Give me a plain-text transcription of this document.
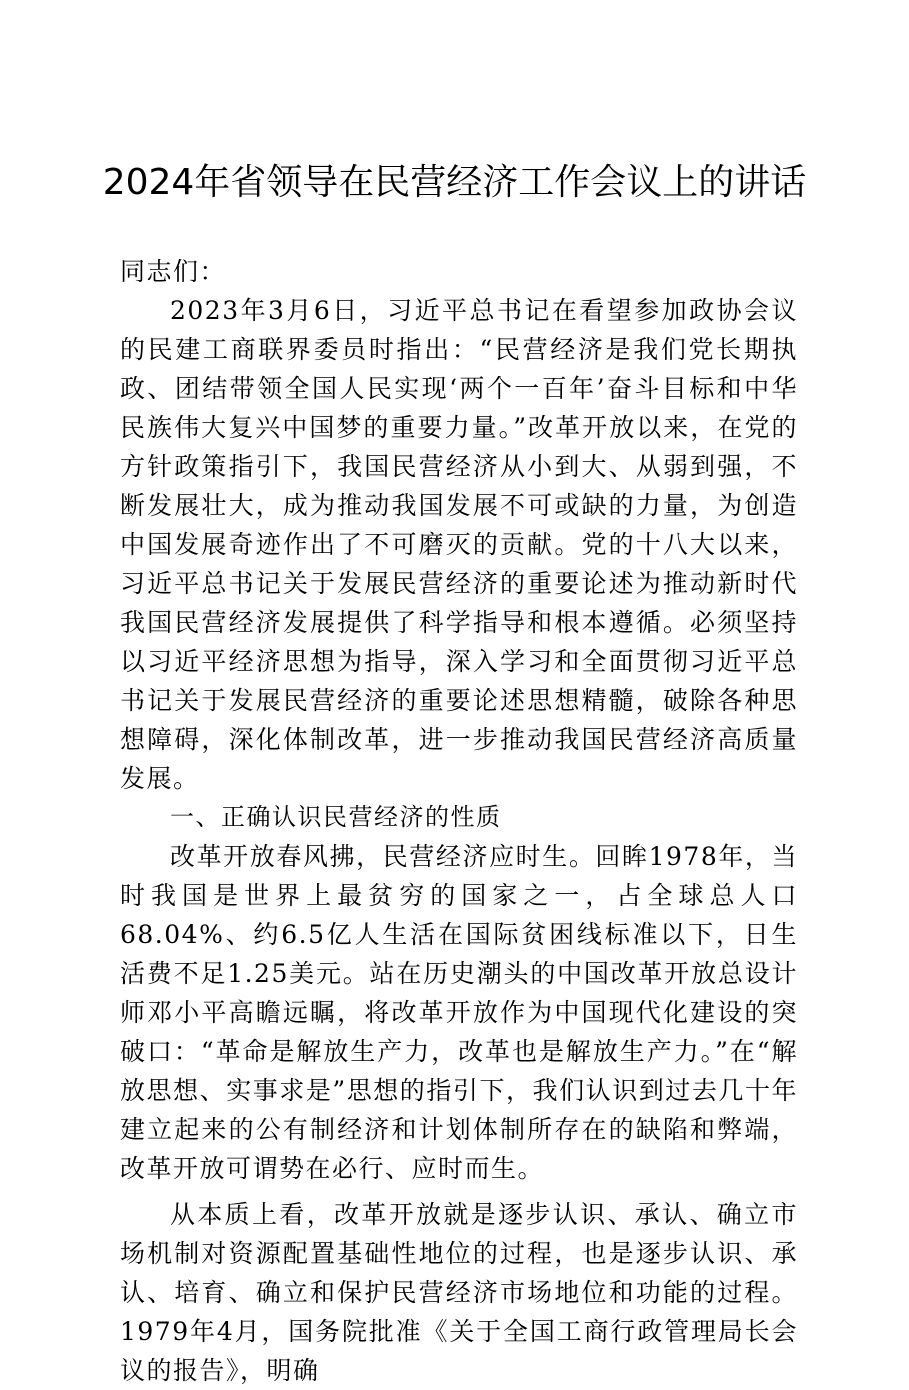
2024年省领导在民营经济工作会议上的讲话

同志们：

2023年3月6日，习近平总书记在看望参加政协会议的民建工商联界委员时指出：“民营经济是我们党长期执政、团结带领全国人民实现‘两个一百年’奋斗目标和中华民族伟大复兴中国梦的重要力量。”改革开放以来，在党的方针政策指引下，我国民营经济从小到大、从弱到强，不断发展壮大，成为推动我国发展不可或缺的力量，为创造中国发展奇迹作出了不可磨灭的贡献。党的十八大以来，习近平总书记关于发展民营经济的重要论述为推动新时代我国民营经济发展提供了科学指导和根本遵循。必须坚持以习近平经济思想为指导，深入学习和全面贯彻习近平总书记关于发展民营经济的重要论述思想精髓，破除各种思想障碍，深化体制改革，进一步推动我国民营经济高质量发展。

一、正确认识民营经济的性质

改革开放春风拂，民营经济应时生。回眸1978年，当时我国是世界上最贫穷的国家之一，占全球总人口68.04%、约6.5亿人生活在国际贫困线标准以下，日生活费不足1.25美元。站在历史潮头的中国改革开放总设计师邓小平高瞻远瞩，将改革开放作为中国现代化建设的突破口：“革命是解放生产力，改革也是解放生产力。”在“解放思想、实事求是”思想的指引下，我们认识到过去几十年建立起来的公有制经济和计划体制所存在的缺陷和弊端，改革开放可谓势在必行、应时而生。

从本质上看，改革开放就是逐步认识、承认、确立市场机制对资源配置基础性地位的过程，也是逐步认识、承认、培育、确立和保护民营经济市场地位和功能的过程。1979年4月，国务院批准《关于全国工商行政管理局长会议的报告》，明确
